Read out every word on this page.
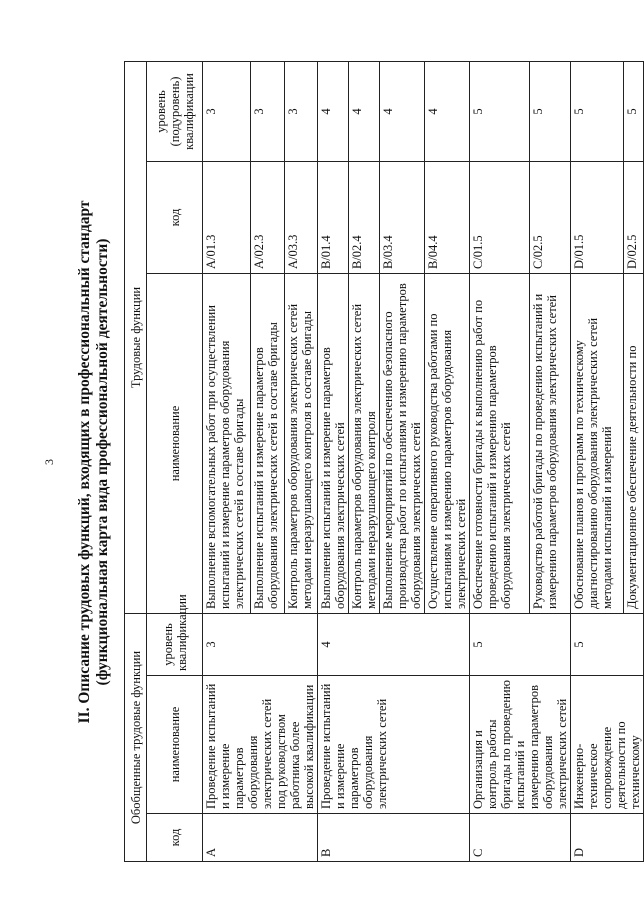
3 II. Описание трудовых функций, входящих в профессиональный стандарт (функциональная карта вида профессиональной деятельности)
Обобщенные трудовые функции			Трудовые функции		
код	наименование	уровень квалификации	наименование	код	уровень (подуровень) квалификации
A	Проведение испытаний и измерение параметров оборудования электрических сетей под руководством работника более высокой квалификации	3	Выполнение вспомогательных работ при осуществлении испытаний и измерение параметров оборудования электрических сетей в составе бригады	A/01.3	3
			Выполнение испытаний и измерение параметров оборудования электрических сетей в составе бригады	A/02.3	3
			Контроль параметров оборудования электрических сетей методами неразрушающего контроля в составе бригады	A/03.3	3
B	Проведение испытаний и измерение параметров оборудования электрических сетей	4	Выполнение испытаний и измерение параметров оборудования электрических сетей	B/01.4	4
			Контроль параметров оборудования электрических сетей методами неразрушающего контроля	B/02.4	4
			Выполнение мероприятий по обеспечению безопасного производства работ по испытаниям и измерению параметров оборудования электрических сетей	B/03.4	4
			Осуществление оперативного руководства работами по испытаниям и измерению параметров оборудования электрических сетей	B/04.4	4
C	Организация и контроль работы бригады по проведению испытаний и измерению параметров оборудования электрических сетей	5	Обеспечение готовности бригады к выполнению работ по проведению испытаний и измерению параметров оборудования электрических сетей	C/01.5	5
			Руководство работой бригады по проведению испытаний и измерению параметров оборудования электрических сетей	C/02.5	5
D	Инженерно-техническое сопровождение деятельности по техническому	5	Обоснование планов и программ по техническому диагностированию оборудования электрических сетей методами испытаний и измерений	D/01.5	5
			Документационное обеспечение деятельности по	D/02.5	5
